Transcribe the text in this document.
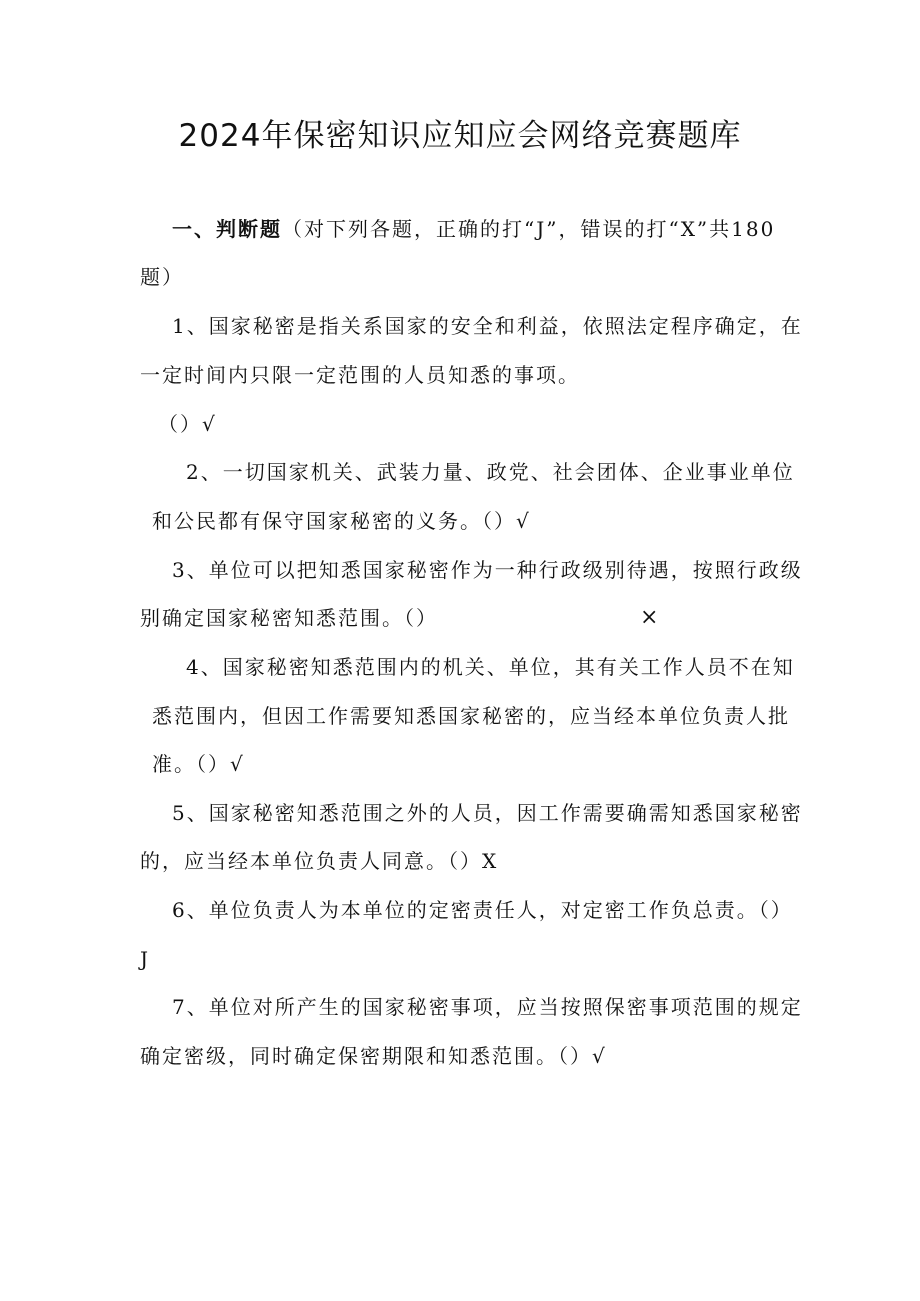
2024年保密知识应知应会网络竞赛题库
一、判断题（对下列各题，正确的打“J”，错误的打“X”共180
题）
1、国家秘密是指关系国家的安全和利益，依照法定程序确定，在
一定时间内只限一定范围的人员知悉的事项。
（）√
2、一切国家机关、武装力量、政党、社会团体、企业事业单位
和公民都有保守国家秘密的义务。（）√
3、单位可以把知悉国家秘密作为一种行政级别待遇，按照行政级
别确定国家秘密知悉范围。（）	×
4、国家秘密知悉范围内的机关、单位，其有关工作人员不在知
悉范围内，但因工作需要知悉国家秘密的，应当经本单位负责人批
准。（）√
5、国家秘密知悉范围之外的人员，因工作需要确需知悉国家秘密
的，应当经本单位负责人同意。（）X
6、单位负责人为本单位的定密责任人，对定密工作负总责。（）
J
7、单位对所产生的国家秘密事项，应当按照保密事项范围的规定
确定密级，同时确定保密期限和知悉范围。（）√
